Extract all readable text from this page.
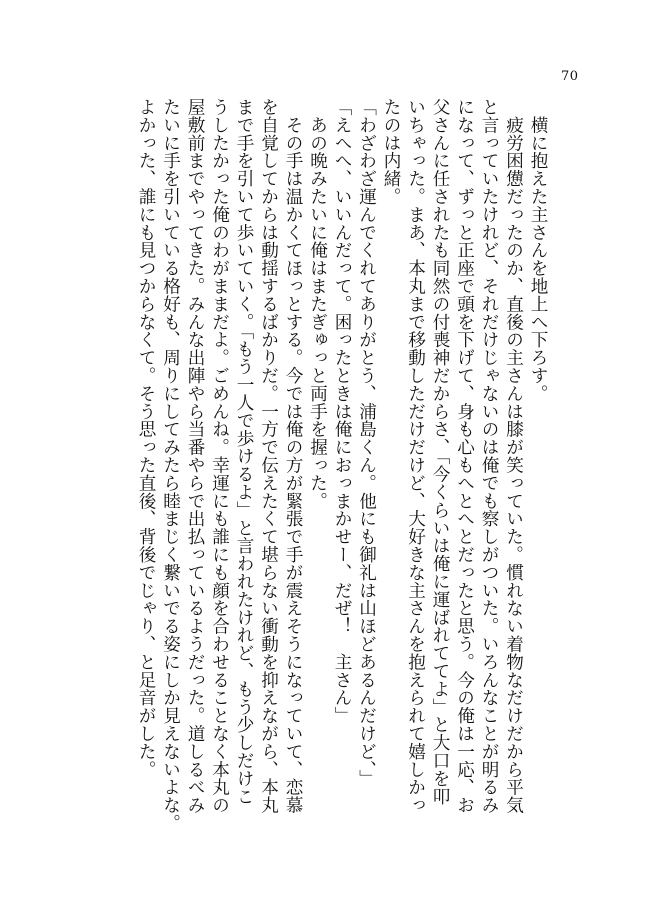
70
　横に抱えた主さんを地上へ下ろす。
　疲労困憊だったのか、直後の主さんは膝が笑っていた。慣れない着物なだけだから平気
と言っていたけれど、それだけじゃないのは俺でも察しがついた。いろんなことが明るみ
になって、ずっと正座で頭を下げて、身も心もへとへとだったと思う。今の俺は一応、お
父さんに任されたも同然の付喪神だからさ、「今くらいは俺に運ばれててよ」と大口を叩
いちゃった。まあ、本丸まで移動しただけだけど、大好きな主さんを抱えられて嬉しかっ
たのは内緒。
「わざわざ運んでくれてありがとう、浦島くん。他にも御礼は山ほどあるんだけど、」
「えへへ、いいんだって。困ったときは俺におっまかせー、だぜ！　主さん」
　あの晩みたいに俺はまたぎゅっと両手を握った。
　その手は温かくてほっとする。今では俺の方が緊張で手が震えそうになっていて、恋慕
を自覚してからは動揺するばかりだ。一方で伝えたくて堪らない衝動を抑えながら、本丸
まで手を引いて歩いていく。「もう一人で歩けるよ」と言われたけれど、もう少しだけこ
うしたかった俺のわがままだよ。ごめんね。幸運にも誰にも顔を合わせることなく本丸の
屋敷前までやってきた。みんな出陣やら当番やらで出払っているようだった。道しるべみ
たいに手を引いている格好も、周りにしてみたら睦まじく繋いでる姿にしか見えないよな。
よかった、誰にも見つからなくて。そう思った直後、背後でじゃり、と足音がした。
